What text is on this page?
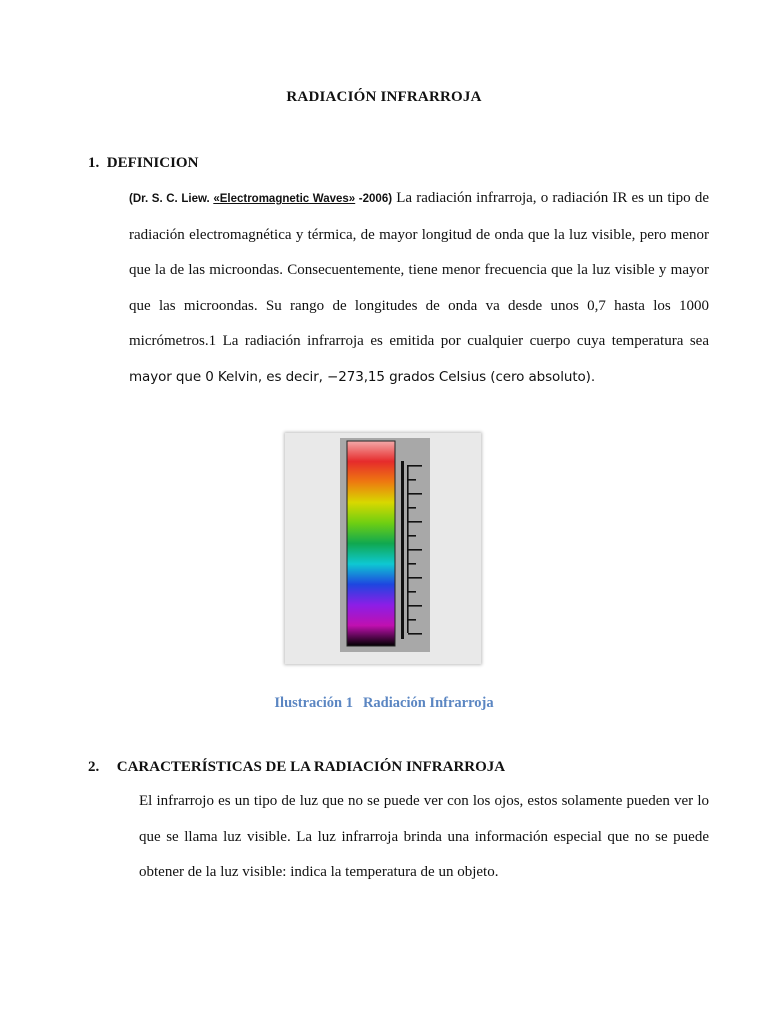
RADIACIÓN INFRARROJA
1. DEFINICION

(Dr. S. C. Liew. «Electromagnetic Waves» -2006) La radiación infrarroja, o radiación IR es un tipo de radiación electromagnética y térmica, de mayor longitud de onda que la luz visible, pero menor que la de las microondas. Consecuentemente, tiene menor frecuencia que la luz visible y mayor que las microondas. Su rango de longitudes de onda va desde unos 0,7 hasta los 1000 micrómetros.1 La radiación infrarroja es emitida por cualquier cuerpo cuya temperatura sea mayor que 0 Kelvin, es decir, −273,15 grados Celsius (cero absoluto).

Ilustración 1 Radiación Infrarroja
2. CARACTERÍSTICAS DE LA RADIACIÓN INFRARROJA

El infrarrojo es un tipo de luz que no se puede ver con los ojos, estos solamente pueden ver lo que se llama luz visible. La luz infrarroja brinda una información especial que no se puede obtener de la luz visible: indica la temperatura de un objeto.
